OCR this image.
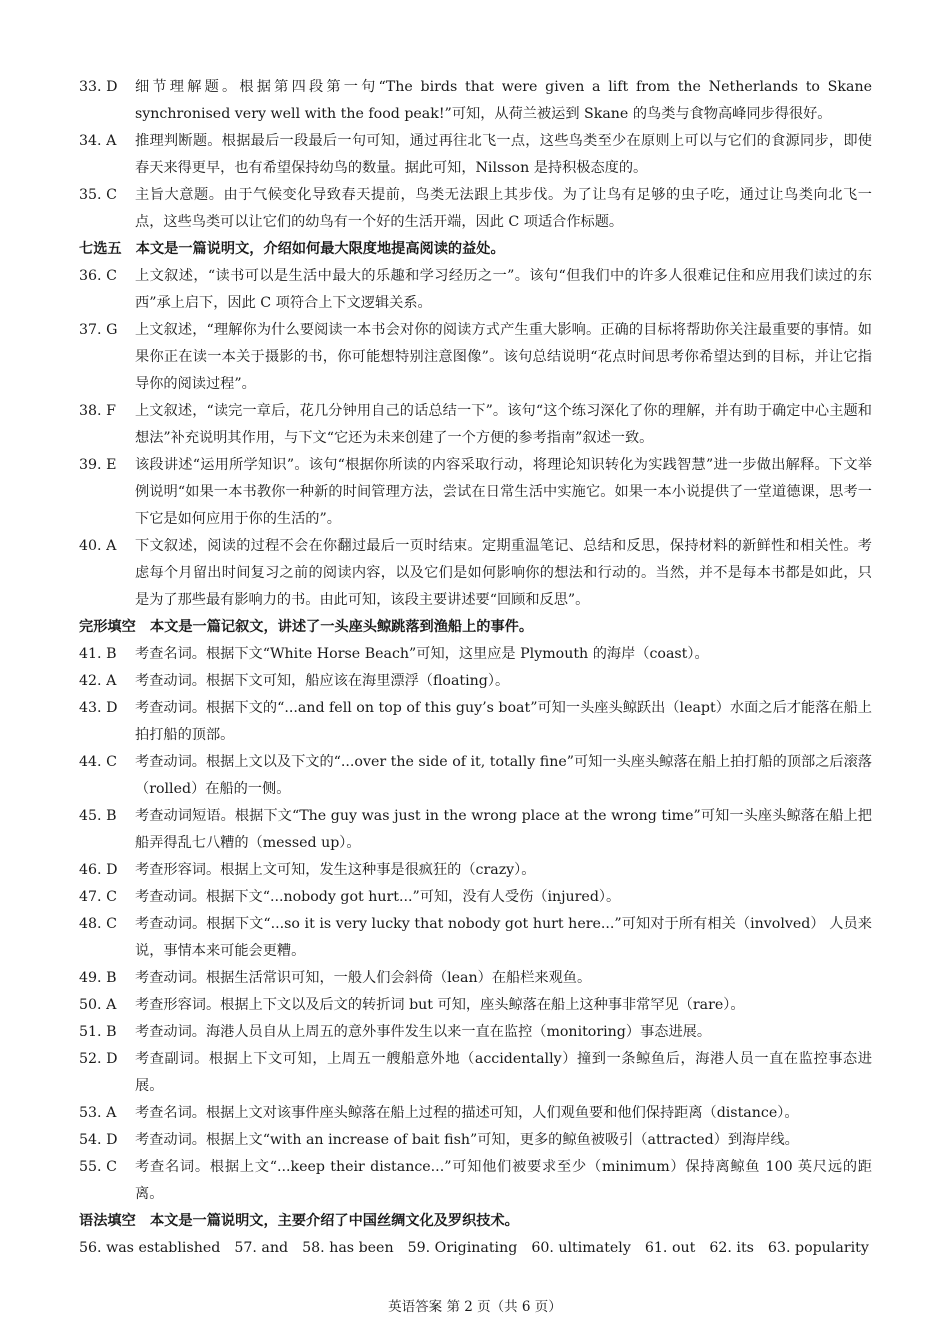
33. D	细节理解题。根据第四段第一句“The birds that were given a lift from the Netherlands to Skane synchronised very well with the food peak!”可知，从荷兰被运到 Skane 的鸟类与食物高峰同步得很好。
34. A	推理判断题。根据最后一段最后一句可知，通过再往北飞一点，这些鸟类至少在原则上可以与它们的食源同步，即使春天来得更早，也有希望保持幼鸟的数量。据此可知，Nilsson 是持积极态度的。
35. C	主旨大意题。由于气候变化导致春天提前，鸟类无法跟上其步伐。为了让鸟有足够的虫子吃，通过让鸟类向北飞一点，这些鸟类可以让它们的幼鸟有一个好的生活开端，因此 C 项适合作标题。
七选五　本文是一篇说明文，介绍如何最大限度地提高阅读的益处。
36. C	上文叙述，“读书可以是生活中最大的乐趣和学习经历之一”。该句“但我们中的许多人很难记住和应用我们读过的东西”承上启下，因此 C 项符合上下文逻辑关系。
37. G	上文叙述，“理解你为什么要阅读一本书会对你的阅读方式产生重大影响。正确的目标将帮助你关注最重要的事情。如果你正在读一本关于摄影的书，你可能想特别注意图像”。该句总结说明“花点时间思考你希望达到的目标，并让它指导你的阅读过程”。
38. F	上文叙述，“读完一章后，花几分钟用自己的话总结一下”。该句“这个练习深化了你的理解，并有助于确定中心主题和想法”补充说明其作用，与下文“它还为未来创建了一个方便的参考指南”叙述一致。
39. E	该段讲述“运用所学知识”。该句“根据你所读的内容采取行动，将理论知识转化为实践智慧”进一步做出解释。下文举例说明“如果一本书教你一种新的时间管理方法，尝试在日常生活中实施它。如果一本小说提供了一堂道德课，思考一下它是如何应用于你的生活的”。
40. A	下文叙述，阅读的过程不会在你翻过最后一页时结束。定期重温笔记、总结和反思，保持材料的新鲜性和相关性。考虑每个月留出时间复习之前的阅读内容，以及它们是如何影响你的想法和行动的。当然，并不是每本书都是如此，只是为了那些最有影响力的书。由此可知，该段主要讲述要“回顾和反思”。
完形填空　本文是一篇记叙文，讲述了一头座头鲸跳落到渔船上的事件。
41. B	考查名词。根据下文“White Horse Beach”可知，这里应是 Plymouth 的海岸（coast）。
42. A	考查动词。根据下文可知，船应该在海里漂浮（floating）。
43. D	考查动词。根据下文的“...and fell on top of this guy’s boat”可知一头座头鲸跃出（leapt）水面之后才能落在船上拍打船的顶部。
44. C	考查动词。根据上文以及下文的“...over the side of it, totally fine”可知一头座头鲸落在船上拍打船的顶部之后滚落（rolled）在船的一侧。
45. B	考查动词短语。根据下文“The guy was just in the wrong place at the wrong time”可知一头座头鲸落在船上把船弄得乱七八糟的（messed up）。
46. D	考查形容词。根据上文可知，发生这种事是很疯狂的（crazy）。
47. C	考查动词。根据下文“...nobody got hurt...”可知，没有人受伤（injured）。
48. C	考查动词。根据下文“...so it is very lucky that nobody got hurt here...”可知对于所有相关（involved） 人员来说，事情本来可能会更糟。
49. B	考查动词。根据生活常识可知，一般人们会斜倚（lean）在船栏来观鱼。
50. A	考查形容词。根据上下文以及后文的转折词 but 可知，座头鲸落在船上这种事非常罕见（rare）。
51. B	考查动词。海港人员自从上周五的意外事件发生以来一直在监控（monitoring）事态进展。
52. D	考查副词。根据上下文可知，上周五一艘船意外地（accidentally）撞到一条鲸鱼后，海港人员一直在监控事态进展。
53. A	考查名词。根据上文对该事件座头鲸落在船上过程的描述可知，人们观鱼要和他们保持距离（distance）。
54. D	考查动词。根据上文“with an increase of bait fish”可知，更多的鲸鱼被吸引（attracted）到海岸线。
55. C	考查名词。根据上文“...keep their distance...”可知他们被要求至少（minimum）保持离鲸鱼 100 英尺远的距离。
语法填空　本文是一篇说明文，主要介绍了中国丝绸文化及罗织技术。
56. was established 57. and 58. has been 59. Originating 60. ultimately 61. out 62. its 63. popularity
英语答案 第 2 页（共 6 页）
